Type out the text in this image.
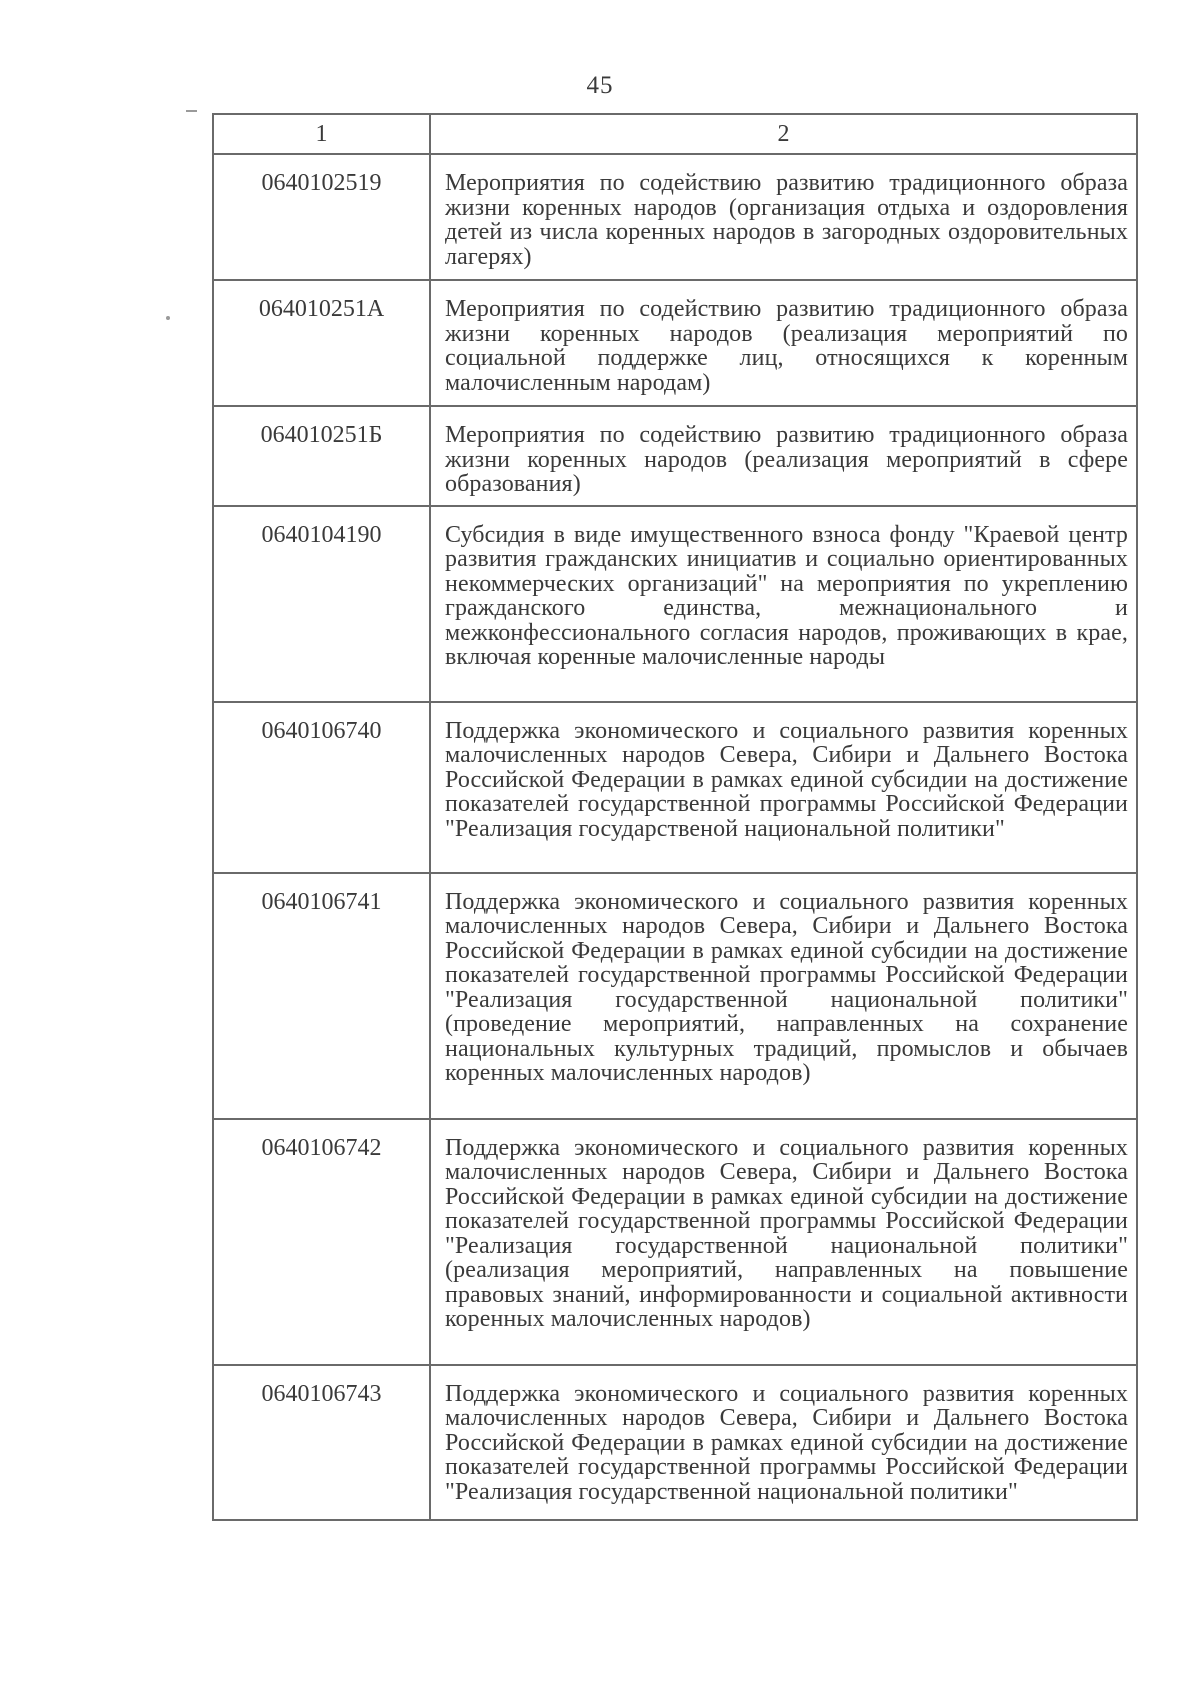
45
1	2
0640102519	Мероприятия по содействию развитию традиционного образа жизни коренных народов (организация отдыха и оздоровления детей из числа коренных народов в загородных оздоровительных лагерях)
064010251А	Мероприятия по содействию развитию традиционного образа жизни коренных народов (реализация мероприятий по социальной поддержке лиц, относящихся к коренным малочисленным народам)
064010251Б	Мероприятия по содействию развитию традиционного образа жизни коренных народов (реализация мероприятий в сфере образования)
0640104190	Субсидия в виде имущественного взноса фонду "Краевой центр развития гражданских инициатив и социально ориентированных некоммерческих организаций" на мероприятия по укреплению гражданского единства, межнационального и межконфессионального согласия народов, проживающих в крае, включая коренные малочисленные народы
0640106740	Поддержка экономического и социального развития коренных малочисленных народов Севера, Сибири и Дальнего Востока Российской Федерации в рамках единой субсидии на достижение показателей государственной программы Российской Федерации "Реализация государственой национальной политики"
0640106741	Поддержка экономического и социального развития коренных малочисленных народов Севера, Сибири и Дальнего Востока Российской Федерации в рамках единой субсидии на достижение показателей государственной программы Российской Федерации "Реализация государственной национальной политики" (проведение мероприятий, направленных на сохранение национальных культурных традиций, промыслов и обычаев коренных малочисленных народов)
0640106742	Поддержка экономического и социального развития коренных малочисленных народов Севера, Сибири и Дальнего Востока Российской Федерации в рамках единой субсидии на достижение показателей государственной программы Российской Федерации "Реализация государственной национальной политики" (реализация мероприятий, направленных на повышение правовых знаний, информированности и социальной активности коренных малочисленных народов)
0640106743	Поддержка экономического и социального развития коренных малочисленных народов Севера, Сибири и Дальнего Востока Российской Федерации в рамках единой субсидии на достижение показателей государственной программы Российской Федерации "Реализация государственной национальной политики"
